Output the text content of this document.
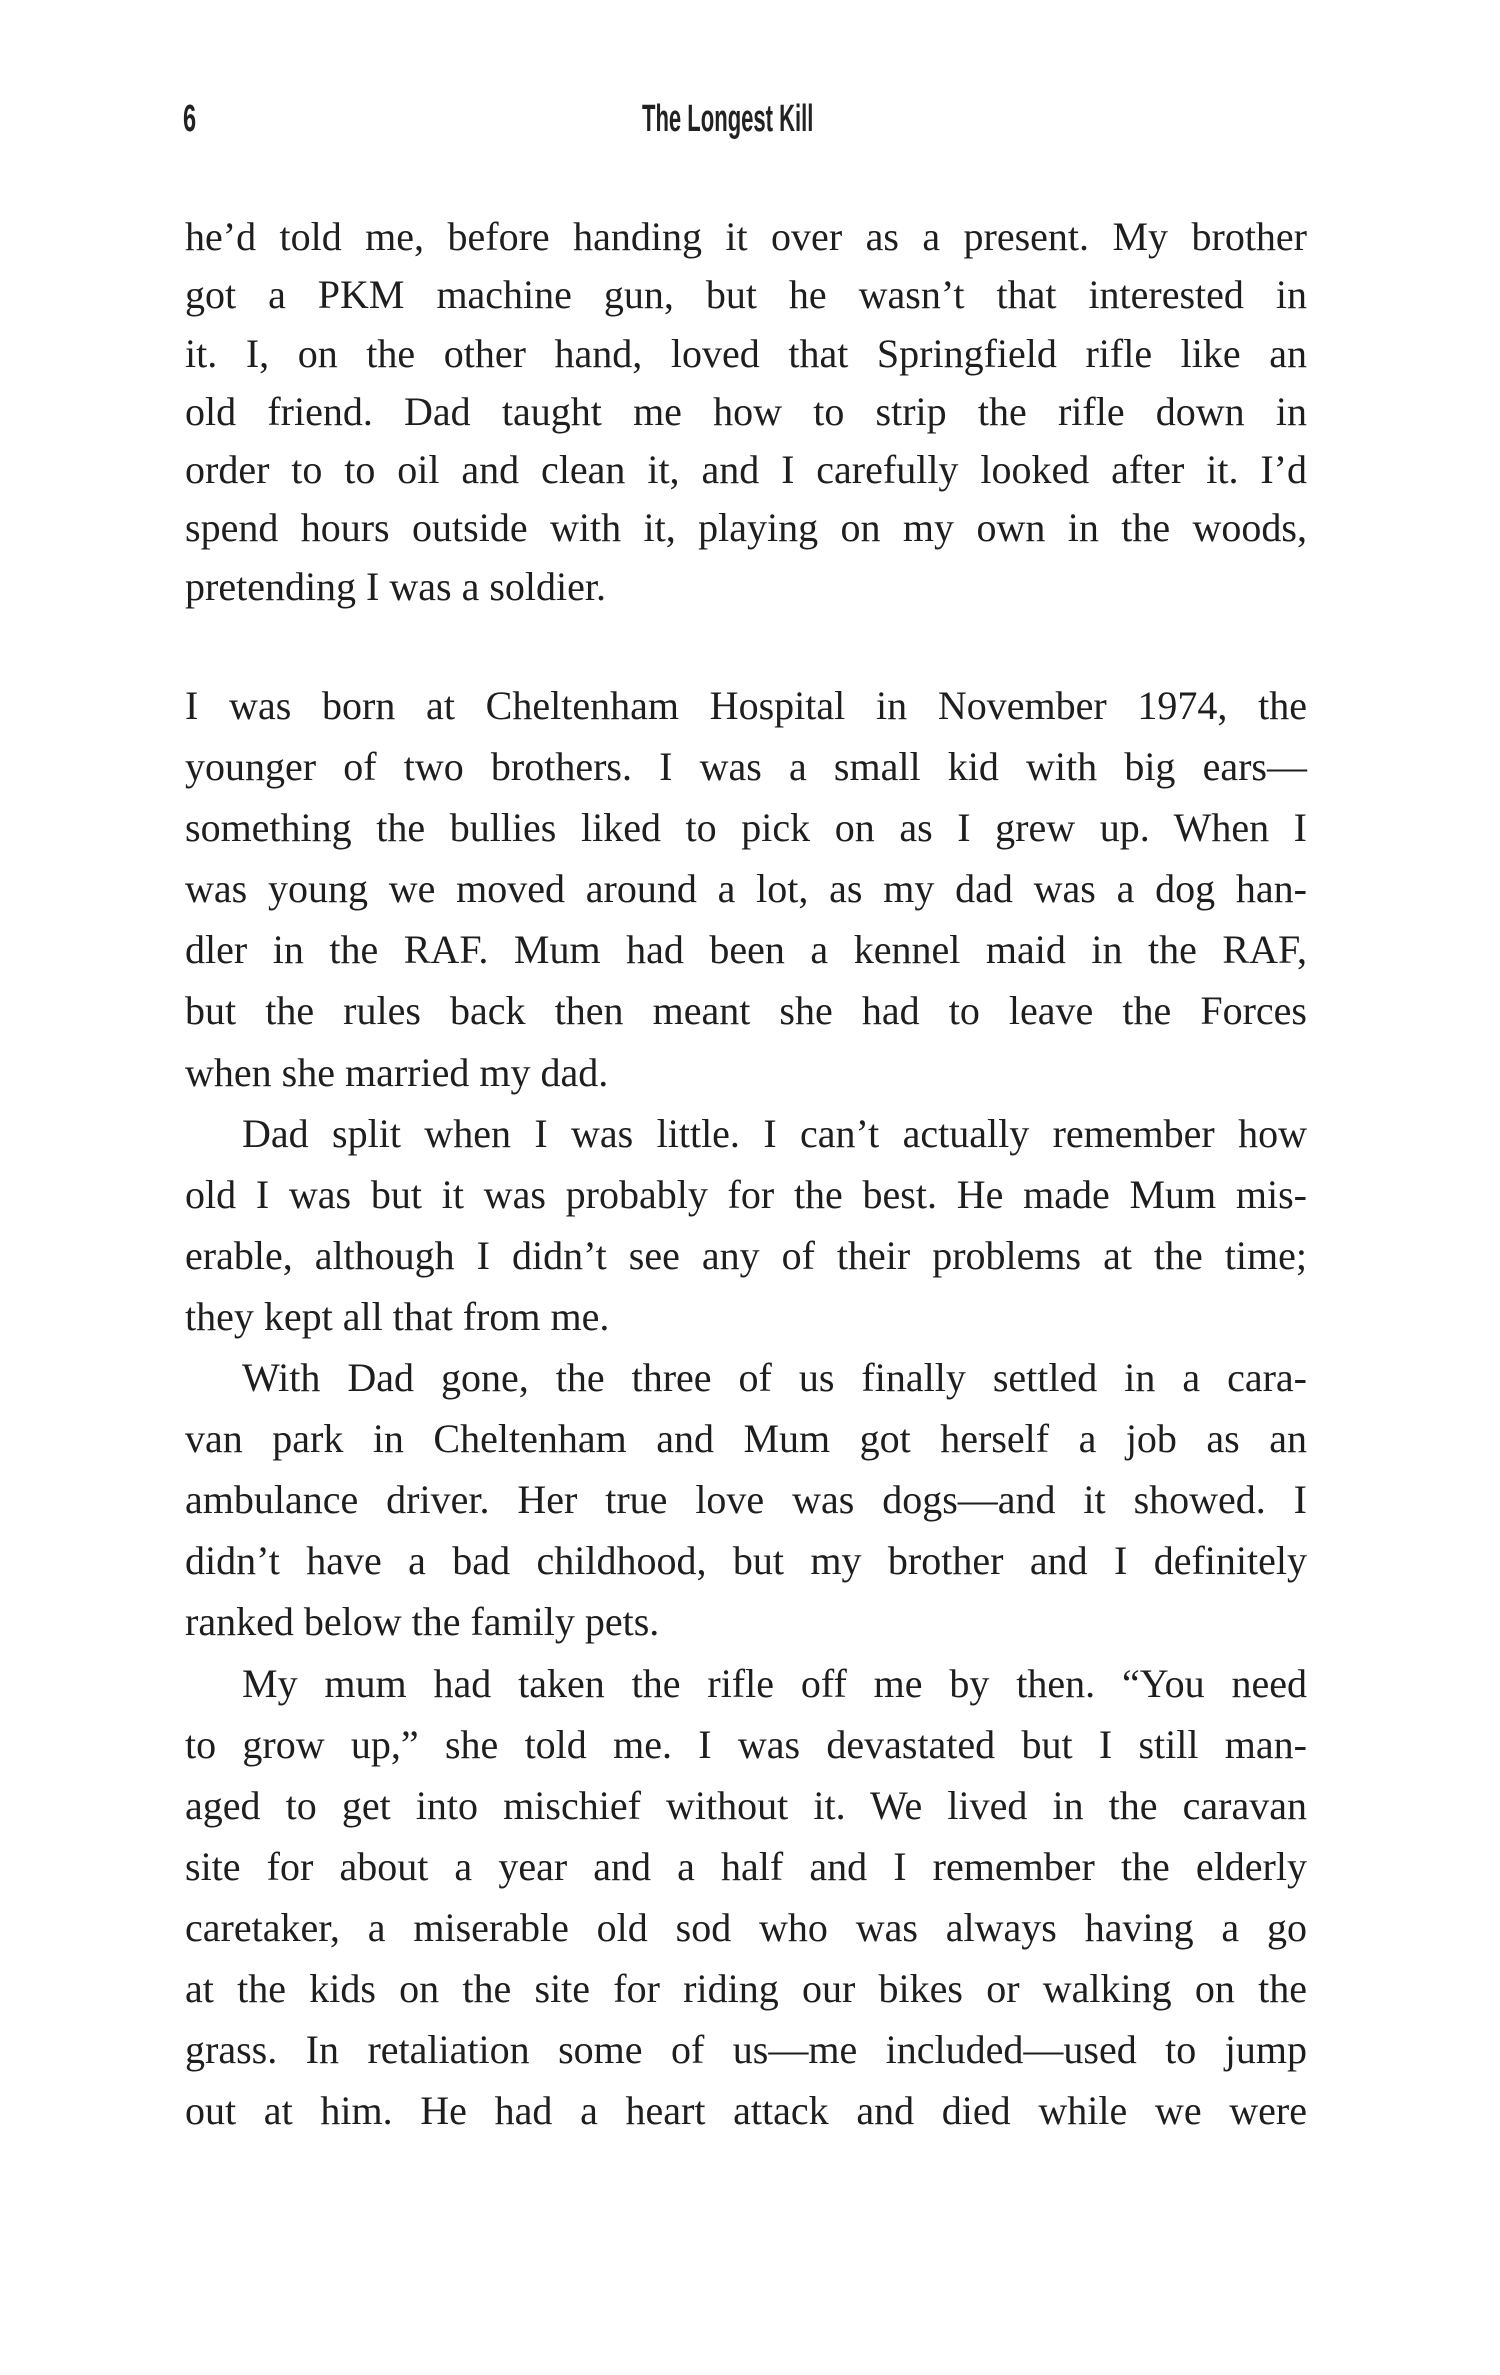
6	The Longest Kill
he’d told me, before handing it over as a present. My brother
got a PKM machine gun, but he wasn’t that interested in
it. I, on the other hand, loved that Springfield rifle like an
old friend. Dad taught me how to strip the rifle down in
order to to oil and clean it, and I carefully looked after it. I’d
spend hours outside with it, playing on my own in the woods,
pretending I was a soldier.
I was born at Cheltenham Hospital in November 1974, the
younger of two brothers. I was a small kid with big ears—
something the bullies liked to pick on as I grew up. When I
was young we moved around a lot, as my dad was a dog han-
dler in the RAF. Mum had been a kennel maid in the RAF,
but the rules back then meant she had to leave the Forces
when she married my dad.
Dad split when I was little. I can’t actually remember how
old I was but it was probably for the best. He made Mum mis-
erable, although I didn’t see any of their problems at the time;
they kept all that from me.
With Dad gone, the three of us finally settled in a cara-
van park in Cheltenham and Mum got herself a job as an
ambulance driver. Her true love was dogs—and it showed. I
didn’t have a bad childhood, but my brother and I definitely
ranked below the family pets.
My mum had taken the rifle off me by then. “You need
to grow up,” she told me. I was devastated but I still man-
aged to get into mischief without it. We lived in the caravan
site for about a year and a half and I remember the elderly
caretaker, a miserable old sod who was always having a go
at the kids on the site for riding our bikes or walking on the
grass. In retaliation some of us—me included—used to jump
out at him. He had a heart attack and died while we were
